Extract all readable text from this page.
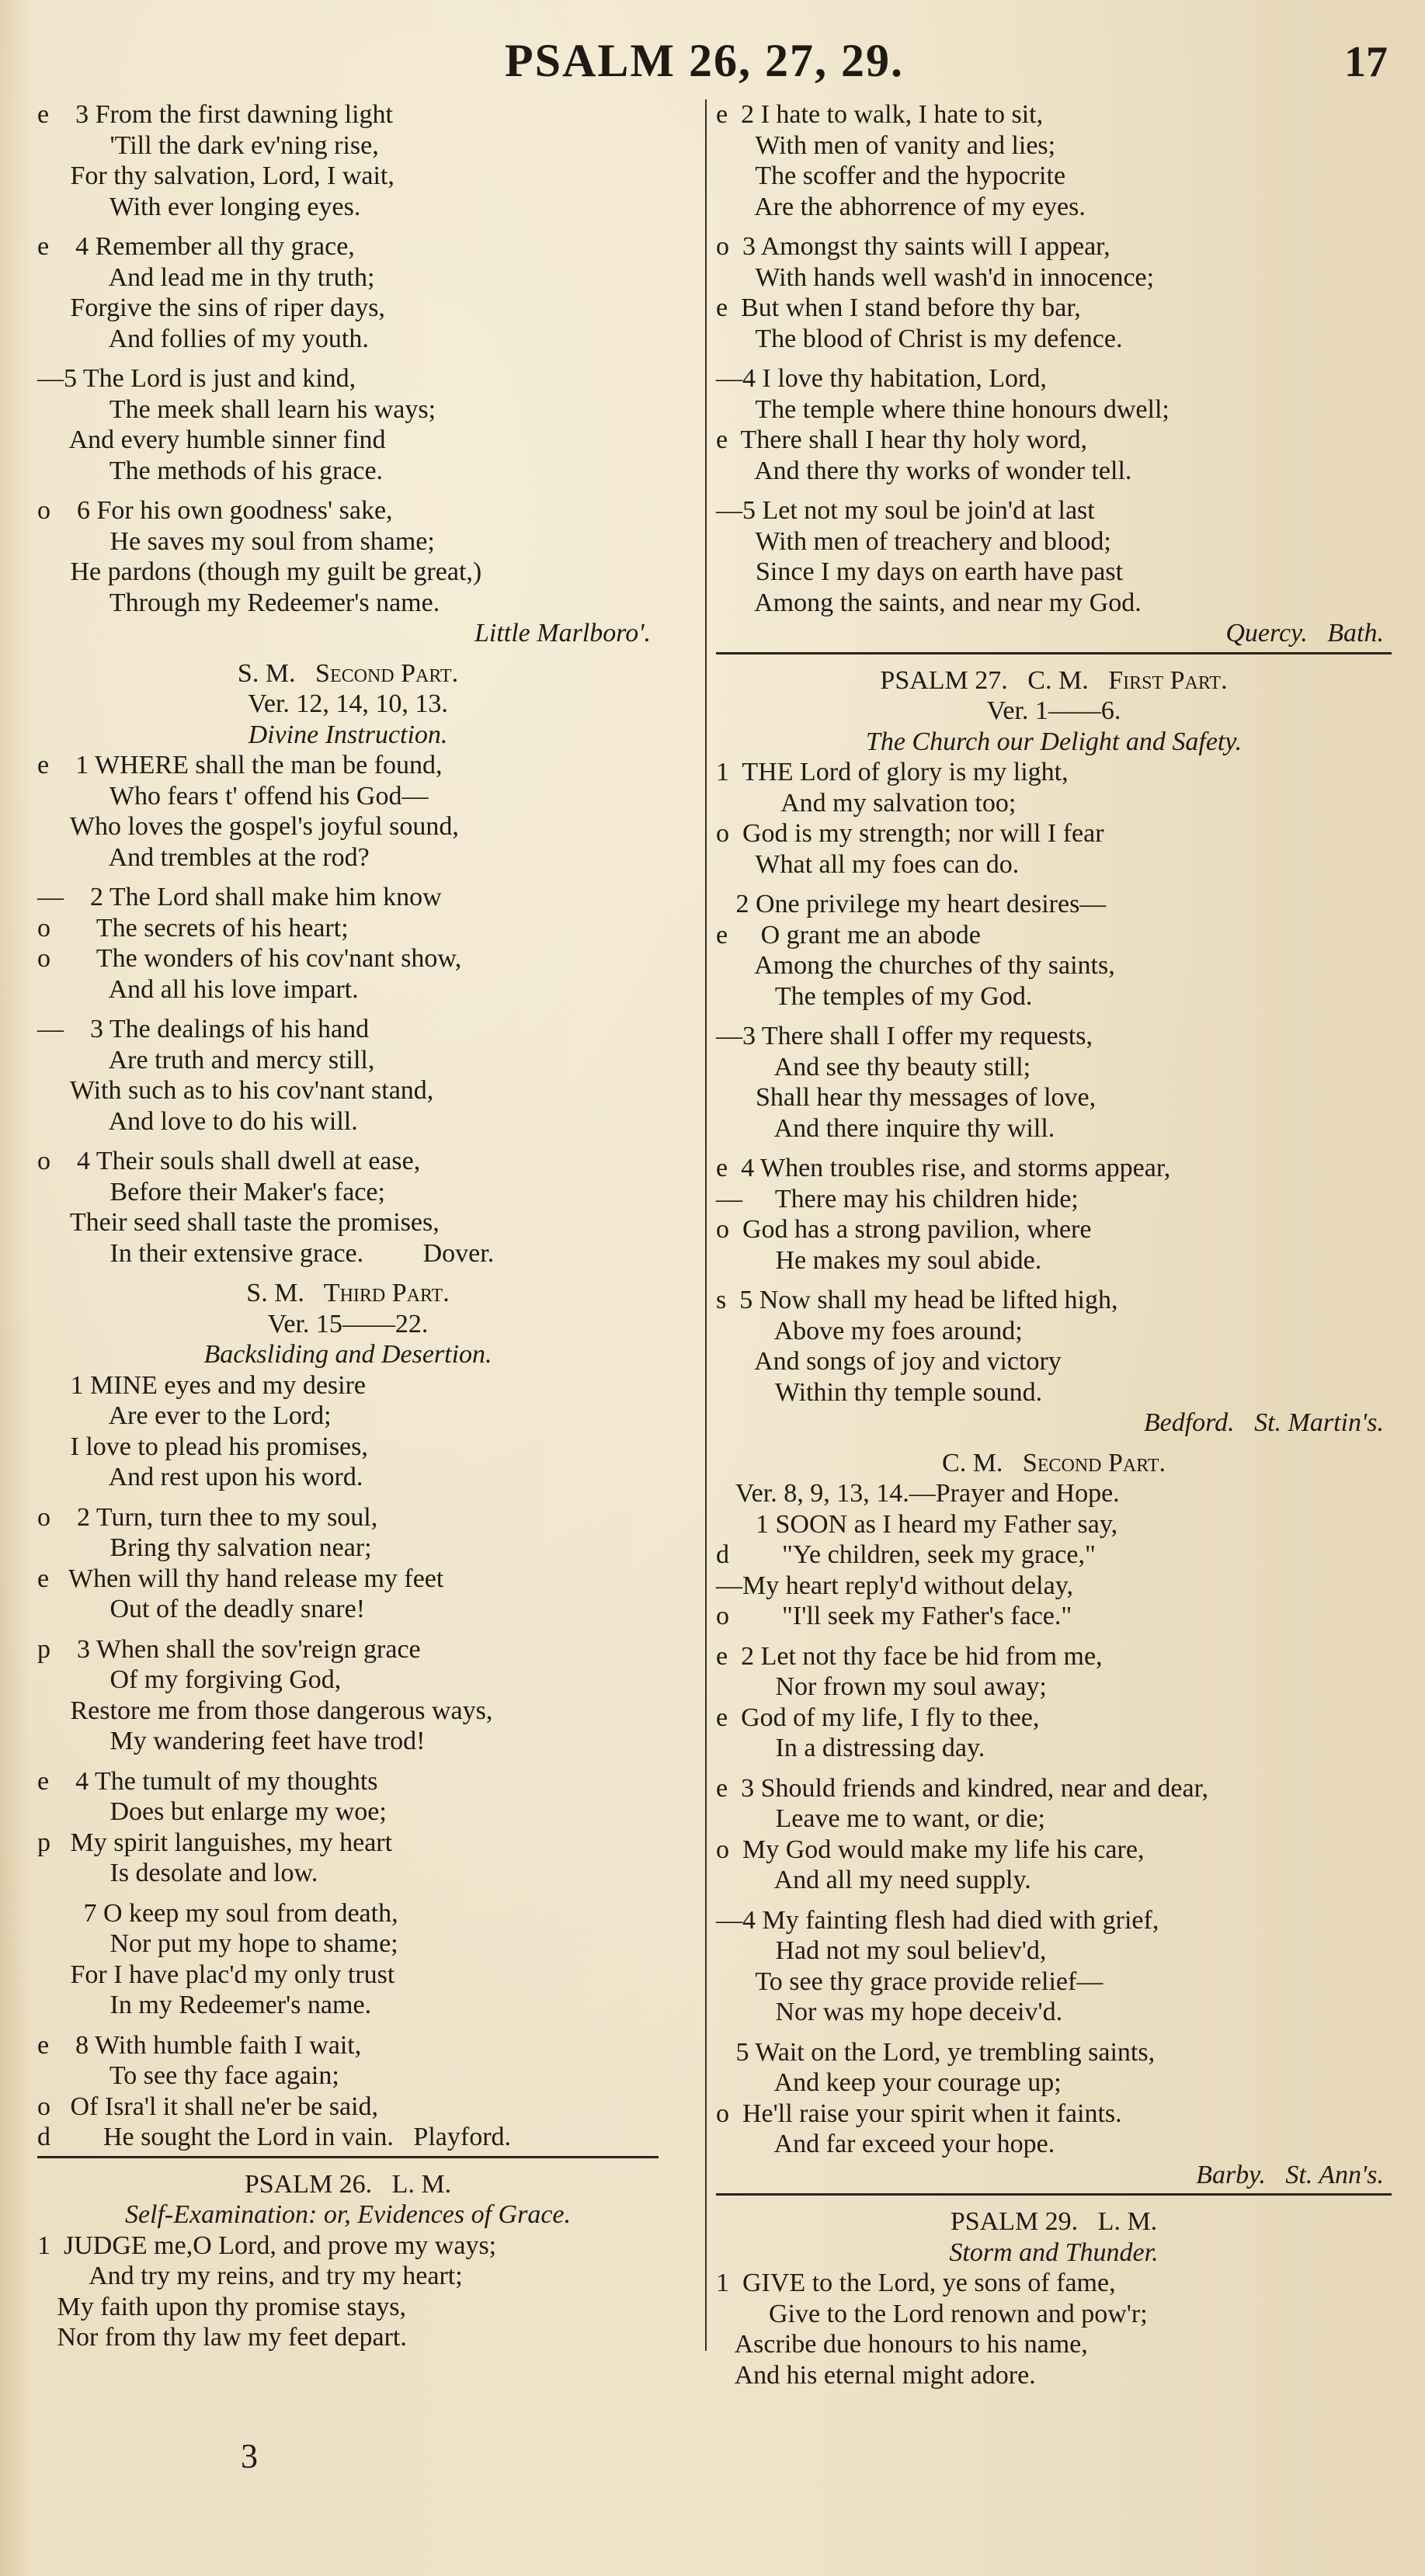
PSALM 26, 27, 29.	17
e    3 From the first dawning light
'Till the dark ev'ning rise,
For thy salvation, Lord, I wait,
With ever longing eyes.
e    4 Remember all thy grace,
And lead me in thy truth;
Forgive the sins of riper days,
And follies of my youth.
—5 The Lord is just and kind,
The meek shall learn his ways;
And every humble sinner find
The methods of his grace.
o    6 For his own goodness' sake,
He saves my soul from shame;
He pardons (though my guilt be great,)
Through my Redeemer's name.
Little Marlboro'.
S. M.   Second Part.
Ver. 12, 14, 10, 13.
Divine Instruction.
e    1 WHERE shall the man be found,
Who fears t' offend his God—
Who loves the gospel's joyful sound,
And trembles at the rod?
—    2 The Lord shall make him know
o       The secrets of his heart;
o       The wonders of his cov'nant show,
And all his love impart.
—    3 The dealings of his hand
Are truth and mercy still,
With such as to his cov'nant stand,
And love to do his will.
o    4 Their souls shall dwell at ease,
Before their Maker's face;
Their seed shall taste the promises,
In their extensive grace.         Dover.
S. M.   Third Part.
Ver. 15——22.
Backsliding and Desertion.
1 MINE eyes and my desire
Are ever to the Lord;
I love to plead his promises,
And rest upon his word.
o    2 Turn, turn thee to my soul,
Bring thy salvation near;
e   When will thy hand release my feet
Out of the deadly snare!
p    3 When shall the sov'reign grace
Of my forgiving God,
Restore me from those dangerous ways,
My wandering feet have trod!
e    4 The tumult of my thoughts
Does but enlarge my woe;
p   My spirit languishes, my heart
Is desolate and low.
7 O keep my soul from death,
Nor put my hope to shame;
For I have plac'd my only trust
In my Redeemer's name.
e    8 With humble faith I wait,
To see thy face again;
o   Of Isra'l it shall ne'er be said,
d        He sought the Lord in vain.   Playford.
PSALM 26.   L. M.
Self-Examination: or, Evidences of Grace.
1  JUDGE me,O Lord, and prove my ways;
And try my reins, and try my heart;
My faith upon thy promise stays,
Nor from thy law my feet depart.
e  2 I hate to walk, I hate to sit,
With men of vanity and lies;
The scoffer and the hypocrite
Are the abhorrence of my eyes.
o  3 Amongst thy saints will I appear,
With hands well wash'd in innocence;
e  But when I stand before thy bar,
The blood of Christ is my defence.
—4 I love thy habitation, Lord,
The temple where thine honours dwell;
e  There shall I hear thy holy word,
And there thy works of wonder tell.
—5 Let not my soul be join'd at last
With men of treachery and blood;
Since I my days on earth have past
Among the saints, and near my God.
Quercy.   Bath.
PSALM 27.   C. M.   First Part.
Ver. 1——6.
The Church our Delight and Safety.
1  THE Lord of glory is my light,
And my salvation too;
o  God is my strength; nor will I fear
What all my foes can do.
2 One privilege my heart desires—
e     O grant me an abode
Among the churches of thy saints,
The temples of my God.
—3 There shall I offer my requests,
And see thy beauty still;
Shall hear thy messages of love,
And there inquire thy will.
e  4 When troubles rise, and storms appear,
—     There may his children hide;
o  God has a strong pavilion, where
He makes my soul abide.
s  5 Now shall my head be lifted high,
Above my foes around;
And songs of joy and victory
Within thy temple sound.
Bedford.   St. Martin's.
C. M.   Second Part.
Ver. 8, 9, 13, 14.—Prayer and Hope.
1 SOON as I heard my Father say,
d        "Ye children, seek my grace,"
—My heart reply'd without delay,
o        "I'll seek my Father's face."
e  2 Let not thy face be hid from me,
Nor frown my soul away;
e  God of my life, I fly to thee,
In a distressing day.
e  3 Should friends and kindred, near and dear,
Leave me to want, or die;
o  My God would make my life his care,
And all my need supply.
—4 My fainting flesh had died with grief,
Had not my soul believ'd,
To see thy grace provide relief—
Nor was my hope deceiv'd.
5 Wait on the Lord, ye trembling saints,
And keep your courage up;
o  He'll raise your spirit when it faints.
And far exceed your hope.
Barby.   St. Ann's.
PSALM 29.   L. M.
Storm and Thunder.
1  GIVE to the Lord, ye sons of fame,
Give to the Lord renown and pow'r;
Ascribe due honours to his name,
And his eternal might adore.
3
